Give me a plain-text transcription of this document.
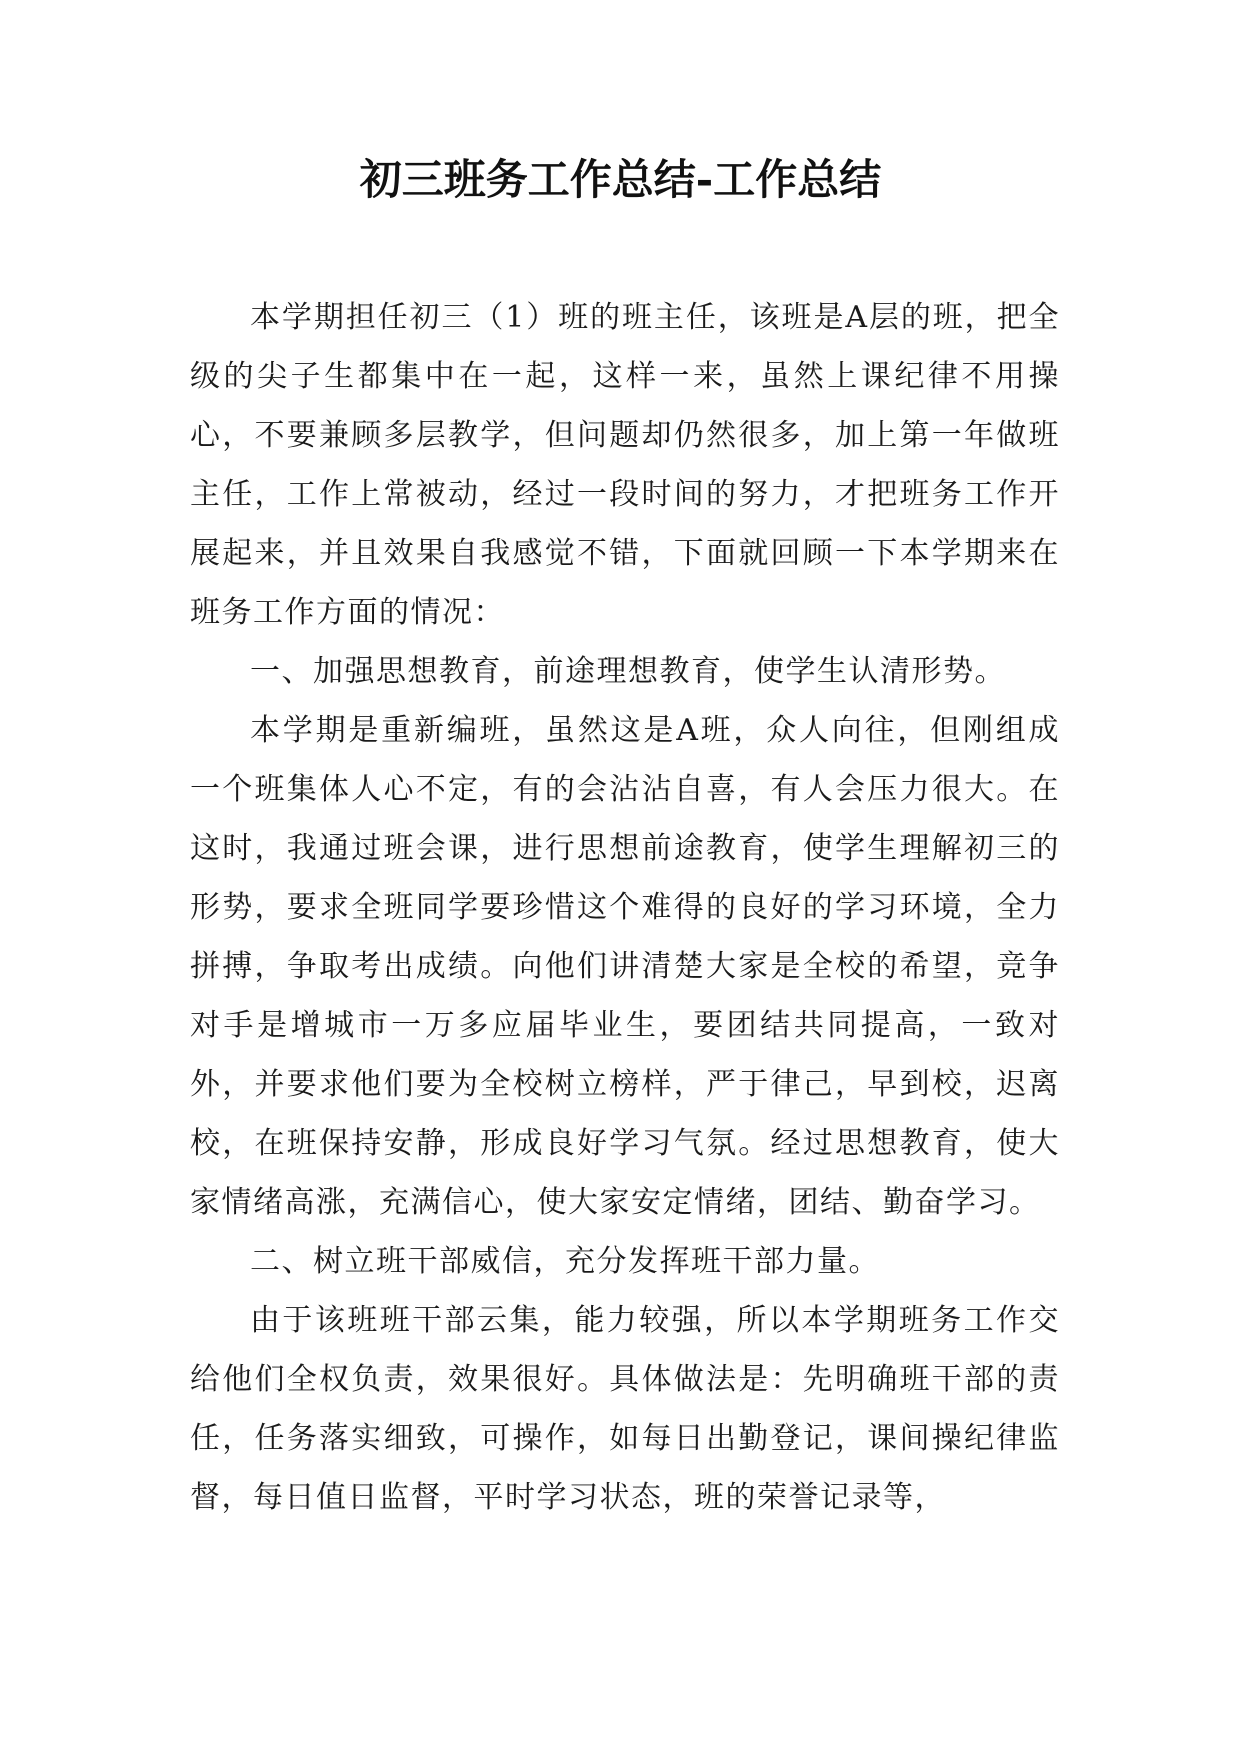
初三班务工作总结-工作总结

本学期担任初三（1）班的班主任，该班是A层的班，把全级的尖子生都集中在一起，这样一来，虽然上课纪律不用操心，不要兼顾多层教学，但问题却仍然很多，加上第一年做班主任，工作上常被动，经过一段时间的努力，才把班务工作开展起来，并且效果自我感觉不错，下面就回顾一下本学期来在班务工作方面的情况：

一、加强思想教育，前途理想教育，使学生认清形势。

本学期是重新编班，虽然这是A班，众人向往，但刚组成一个班集体人心不定，有的会沾沾自喜，有人会压力很大。在这时，我通过班会课，进行思想前途教育，使学生理解初三的形势，要求全班同学要珍惜这个难得的良好的学习环境，全力拼搏，争取考出成绩。向他们讲清楚大家是全校的希望，竞争对手是增城市一万多应届毕业生，要团结共同提高，一致对外，并要求他们要为全校树立榜样，严于律己，早到校，迟离校，在班保持安静，形成良好学习气氛。经过思想教育，使大家情绪高涨，充满信心，使大家安定情绪，团结、勤奋学习。

二、树立班干部威信，充分发挥班干部力量。

由于该班班干部云集，能力较强，所以本学期班务工作交给他们全权负责，效果很好。具体做法是：先明确班干部的责任，任务落实细致，可操作，如每日出勤登记，课间操纪律监督，每日值日监督，平时学习状态，班的荣誉记录等，
